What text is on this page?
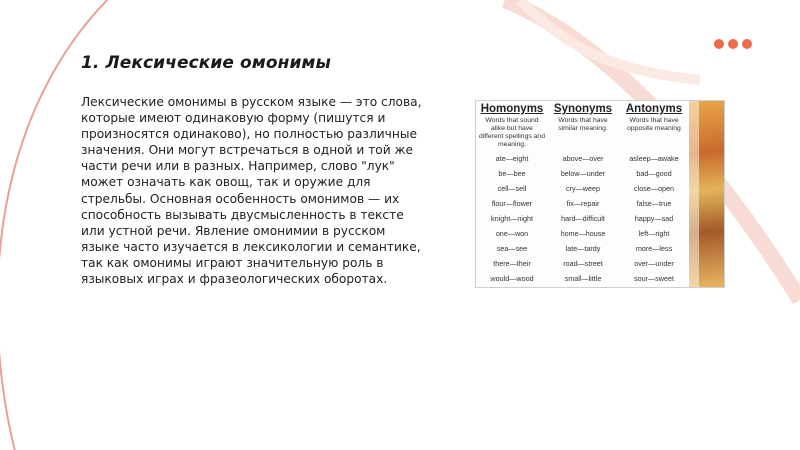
1. Лексические омонимы

Лексические омонимы в русском языке — это слова, которые имеют одинаковую форму (пишутся и произносятся одинаково), но полностью различные значения. Они могут встречаться в одной и той же части речи или в разных. Например, слово "лук" может означать как овощ, так и оружие для стрельбы. Основная особенность омонимов — их способность вызывать двусмысленность в тексте или устной речи. Явление омонимии в русском языке часто изучается в лексикологии и семантике, так как омонимы играют значительную роль в языковых играх и фразеологических оборотах.

Homonyms
Words that sound alike but have different spellings and meaning.
ate—eight
be—bee
cell—sell
flour—flower
knight—night
one—won
sea—see
there—their
would—wood
Synonyms
Words that have similar meaning.
above—over
below—under
cry—weep
fix—repair
hard—difficult
home—house
late—tardy
road—street
small—little
Antonyms
Words that have opposite meaning
asleep—awake
bad—good
close—open
false—true
happy—sad
left—right
more—less
over—under
sour—sweet
